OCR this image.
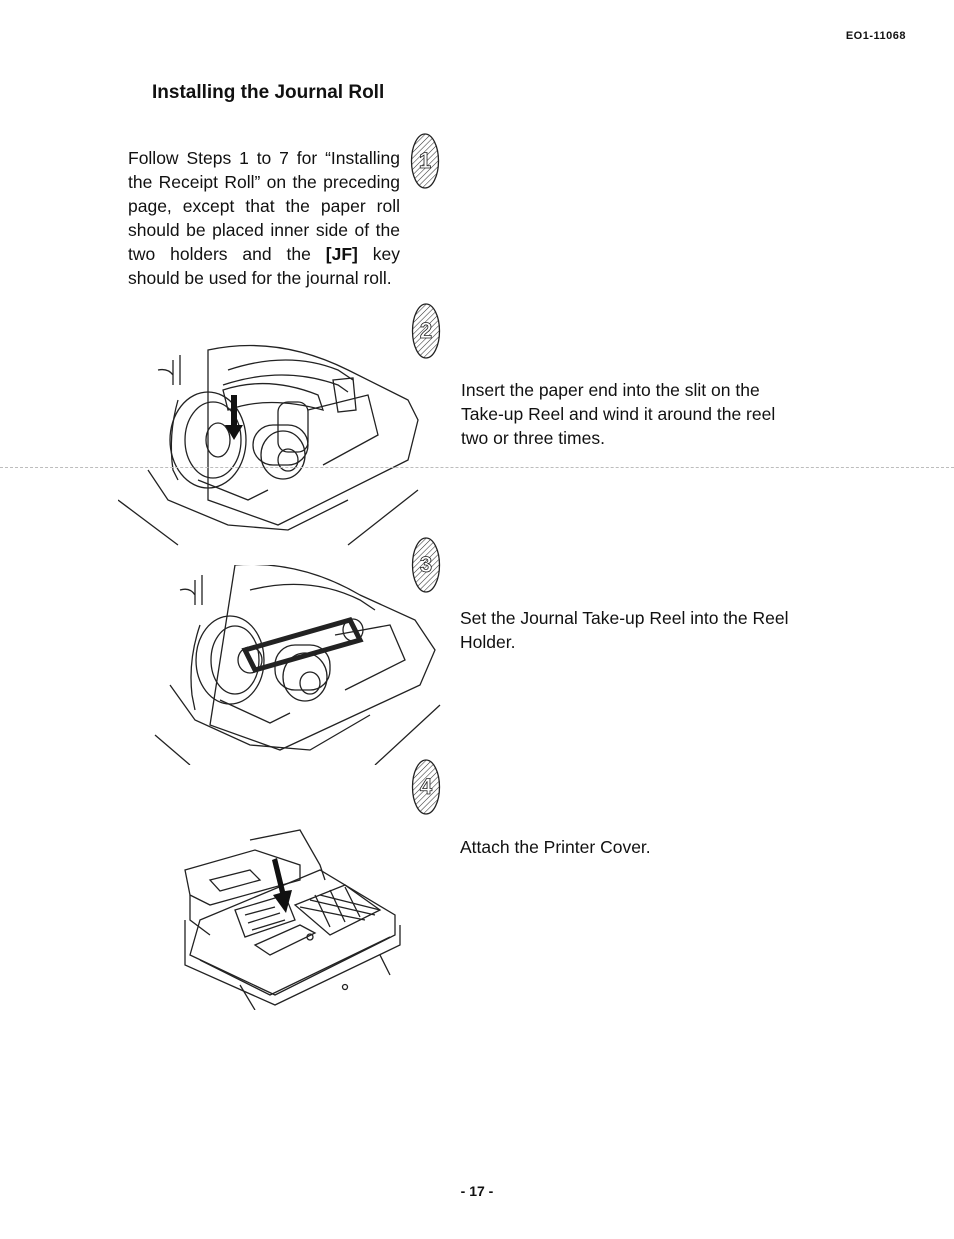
EO1-11068
Installing the Journal Roll
Follow Steps 1 to 7 for “Installing the Receipt Roll” on the preceding page, except that the paper roll should be placed inner side of the two holders and the [JF] key should be used for the journal roll.
1
2
Insert the paper end into the slit on the Take-up Reel and wind it around the reel two or three times.
3
Set the Journal Take-up Reel into the Reel Holder.
4
Attach the Printer Cover.
- 17 -
